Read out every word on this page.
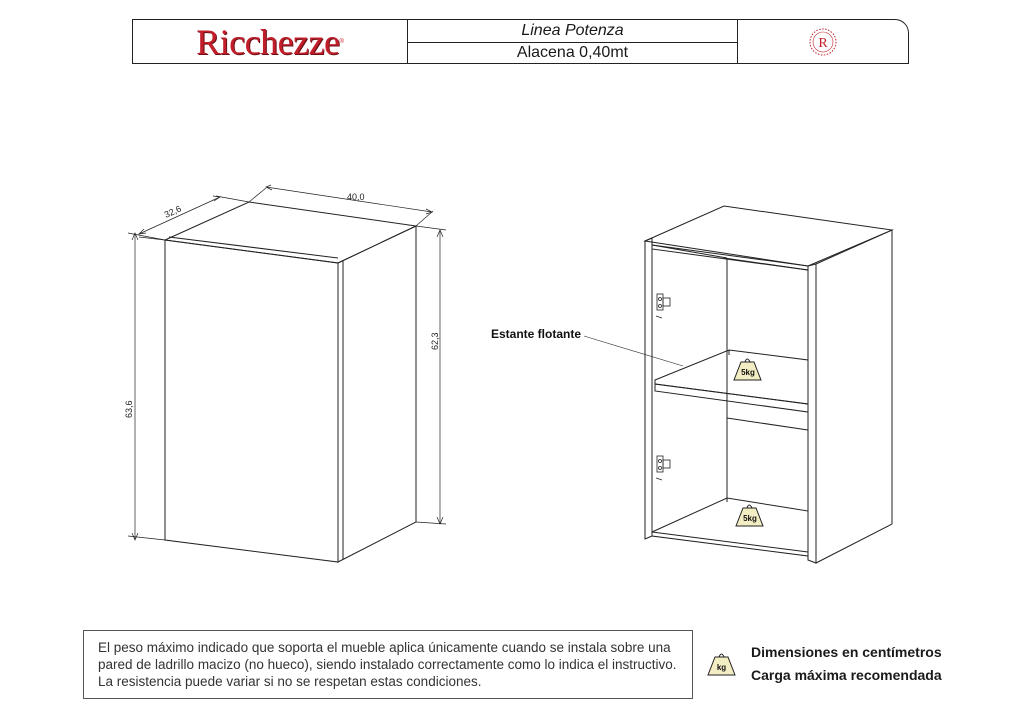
Ricchezze ®
Linea Potenza
Alacena 0,40mt
R
5kg
5kg
32,6
40,0
63,6
62,3	Estante flotante
El peso máximo indicado que soporta el mueble aplica únicamente cuando se instala sobre una pared de ladrillo macizo (no hueco), siendo instalado correctamente como lo indica el instructivo. La resistencia puede variar si no se respetan estas condiciones.
kg
Dimensiones en centímetros
Carga máxima recomendada
